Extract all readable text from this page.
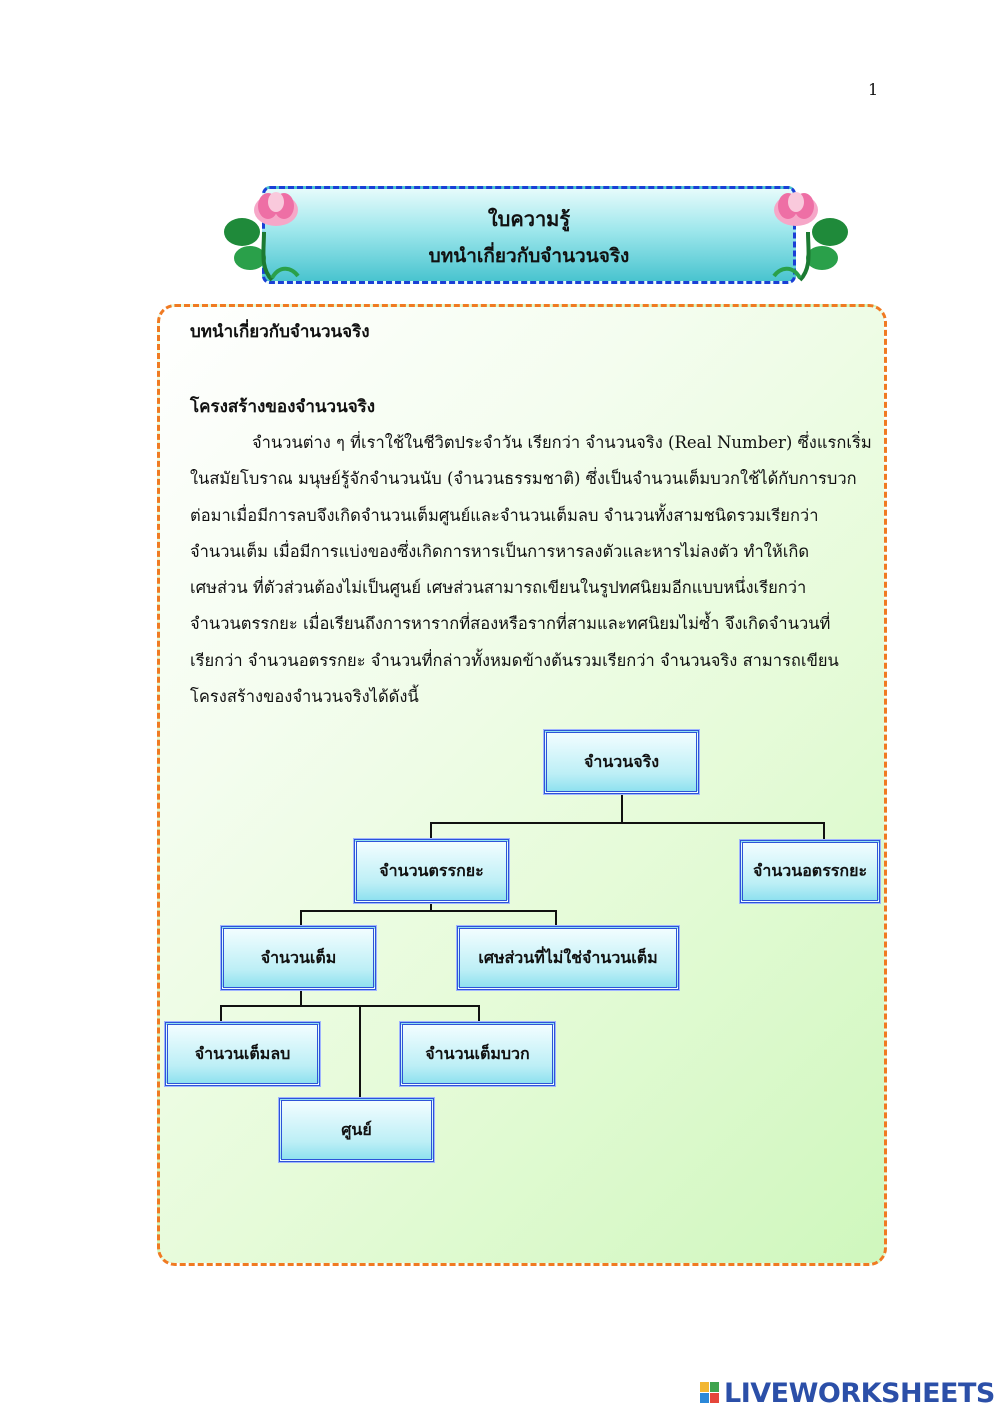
1
ใบความรู้
บทนำเกี่ยวกับจำนวนจริง
บทนำเกี่ยวกับจำนวนจริง
โครงสร้างของจำนวนจริง
จำนวนต่าง ๆ ที่เราใช้ในชีวิตประจำวัน เรียกว่า จำนวนจริง (Real Number) ซึ่งแรกเริ่ม
ในสมัยโบราณ มนุษย์รู้จักจำนวนนับ (จำนวนธรรมชาติ) ซึ่งเป็นจำนวนเต็มบวกใช้ได้กับการบวก
ต่อมาเมื่อมีการลบจึงเกิดจำนวนเต็มศูนย์และจำนวนเต็มลบ จำนวนทั้งสามชนิดรวมเรียกว่า
จำนวนเต็ม เมื่อมีการแบ่งของซึ่งเกิดการหารเป็นการหารลงตัวและหารไม่ลงตัว ทำให้เกิด
เศษส่วน ที่ตัวส่วนต้องไม่เป็นศูนย์ เศษส่วนสามารถเขียนในรูปทศนิยมอีกแบบหนึ่งเรียกว่า
จำนวนตรรกยะ เมื่อเรียนถึงการหารากที่สองหรือรากที่สามและทศนิยมไม่ซ้ำ จึงเกิดจำนวนที่
เรียกว่า จำนวนอตรรกยะ จำนวนที่กล่าวทั้งหมดข้างต้นรวมเรียกว่า จำนวนจริง สามารถเขียน
โครงสร้างของจำนวนจริงได้ดังนี้
จำนวนจริง
จำนวนตรรกยะ	จำนวนอตรรกยะ
จำนวนเต็ม	เศษส่วนที่ไม่ใช่จำนวนเต็ม
จำนวนเต็มลบ	จำนวนเต็มบวก
ศูนย์
LIVEWORKSHEETS
